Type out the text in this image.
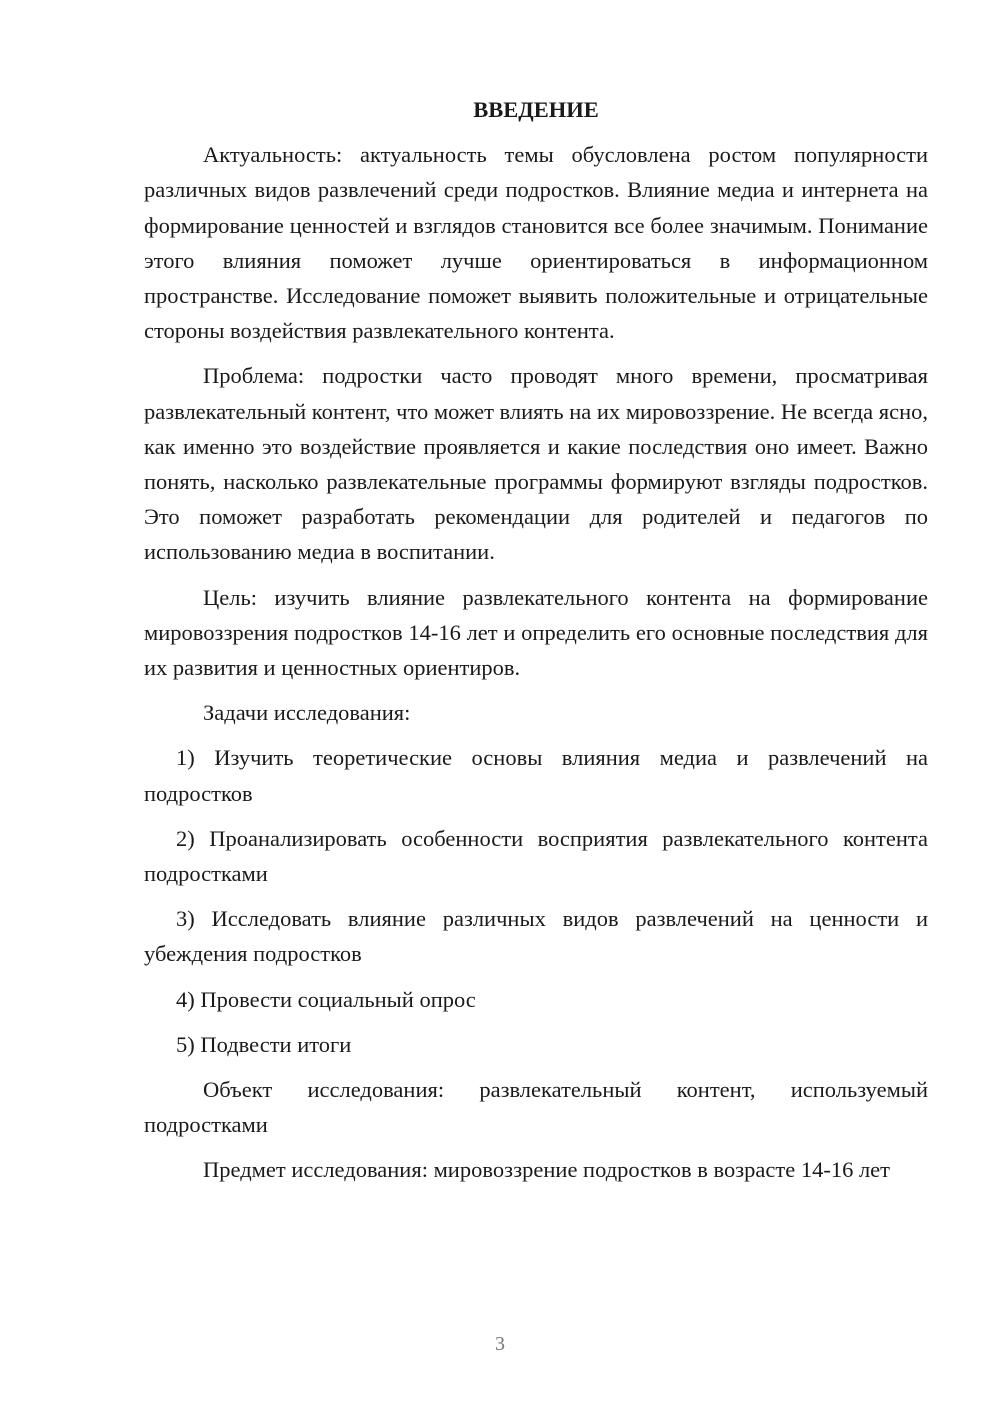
ВВЕДЕНИЕ

Актуальность: актуальность темы обусловлена ростом популярности различных видов развлечений среди подростков. Влияние медиа и интернета на формирование ценностей и взглядов становится все более значимым. Понимание этого влияния поможет лучше ориентироваться в информационном пространстве. Исследование поможет выявить положительные и отрицательные стороны воздействия развлекательного контента.

Проблема: подростки часто проводят много времени, просматривая развлекательный контент, что может влиять на их мировоззрение. Не всегда ясно, как именно это воздействие проявляется и какие последствия оно имеет. Важно понять, насколько развлекательные программы формируют взгляды подростков. Это поможет разработать рекомендации для родителей и педагогов по использованию медиа в воспитании.

Цель: изучить влияние развлекательного контента на формирование мировоззрения подростков 14-16 лет и определить его основные последствия для их развития и ценностных ориентиров.

Задачи исследования:

1) Изучить теоретические основы влияния медиа и развлечений на подростков

2) Проанализировать особенности восприятия развлекательного контента подростками

3) Исследовать влияние различных видов развлечений на ценности и убеждения подростков

4) Провести социальный опрос

5) Подвести итоги

Объект исследования: развлекательный контент, используемый подростками

Предмет исследования: мировоззрение подростков в возрасте 14-16 лет

3
